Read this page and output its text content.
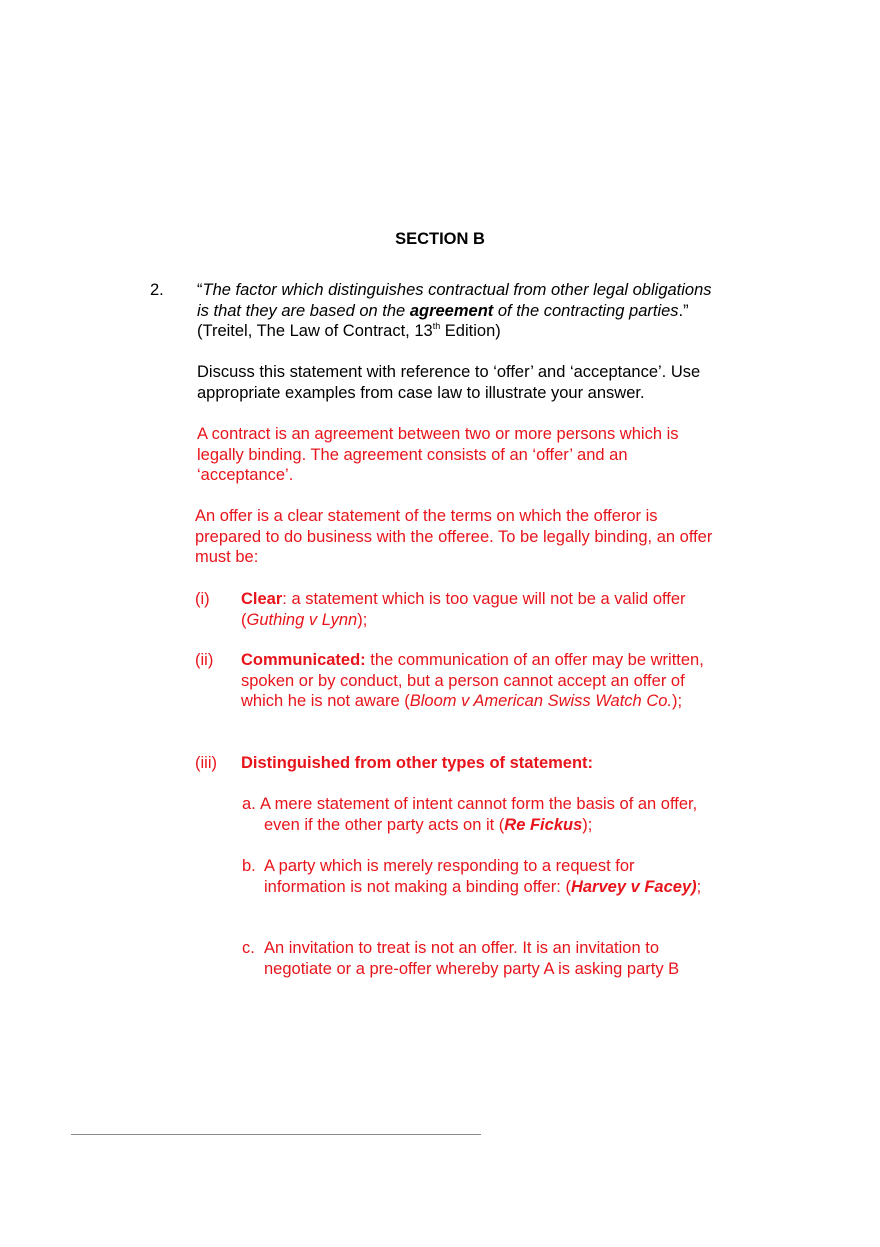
SECTION B
2. “The factor which distinguishes contractual from other legal obligations is that they are based on the agreement of the contracting parties.” (Treitel, The Law of Contract, 13th Edition)
Discuss this statement with reference to ‘offer’ and ‘acceptance’. Use appropriate examples from case law to illustrate your answer.
A contract is an agreement between two or more persons which is legally binding. The agreement consists of an ‘offer’ and an ‘acceptance’.
An offer is a clear statement of the terms on which the offeror is prepared to do business with the offeree. To be legally binding, an offer must be:
(i) Clear: a statement which is too vague will not be a valid offer (Guthing v Lynn);
(ii) Communicated: the communication of an offer may be written, spoken or by conduct, but a person cannot accept an offer of which he is not aware (Bloom v American Swiss Watch Co.);
(iii) Distinguished from other types of statement:
a. A mere statement of intent cannot form the basis of an offer, even if the other party acts on it (Re Fickus);
b. A party which is merely responding to a request for information is not making a binding offer: (Harvey v Facey);
c. An invitation to treat is not an offer. It is an invitation to negotiate or a pre-offer whereby party A is asking party B
